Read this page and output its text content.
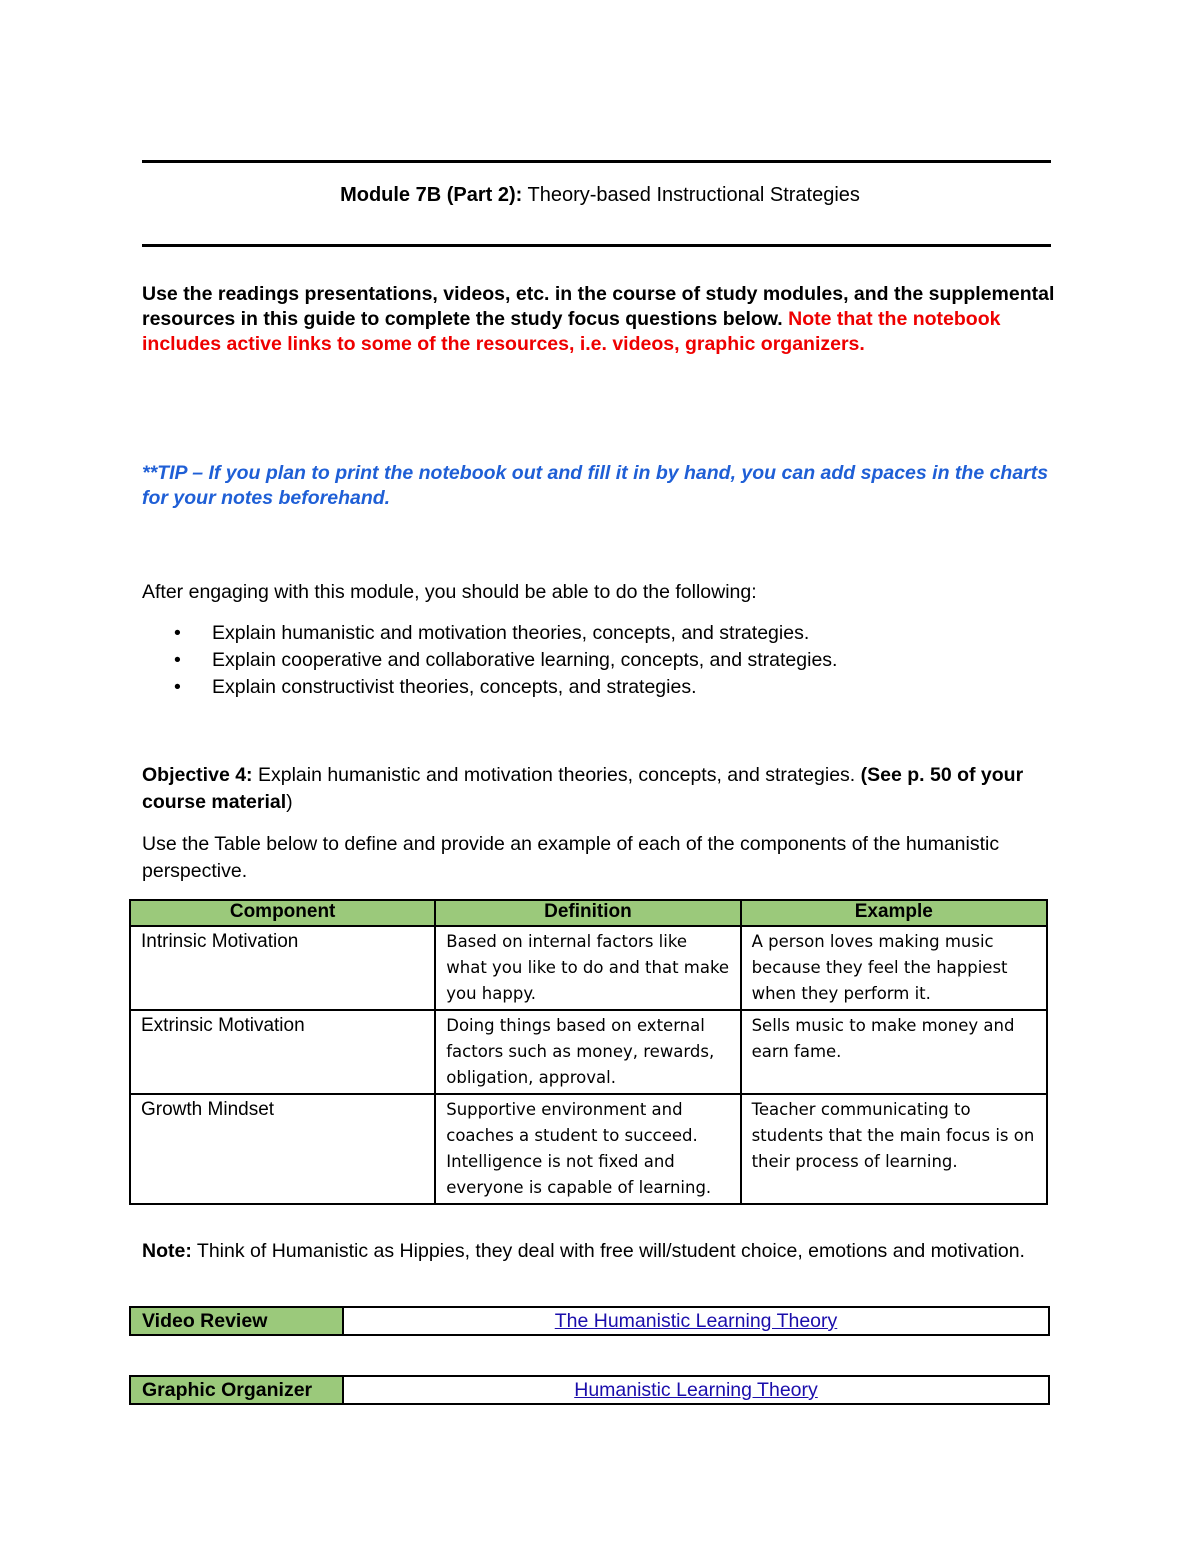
Module 7B (Part 2): Theory-based Instructional Strategies
Use the readings presentations, videos, etc. in the course of study modules, and the supplemental resources in this guide to complete the study focus questions below. Note that the notebook includes active links to some of the resources, i.e. videos, graphic organizers.
**TIP – If you plan to print the notebook out and fill it in by hand, you can add spaces in the charts for your notes beforehand.
After engaging with this module, you should be able to do the following:
• Explain humanistic and motivation theories, concepts, and strategies.
• Explain cooperative and collaborative learning, concepts, and strategies.
• Explain constructivist theories, concepts, and strategies.
Objective 4: Explain humanistic and motivation theories, concepts, and strategies. (See p. 50 of your course material)
Use the Table below to define and provide an example of each of the components of the humanistic perspective.
Component	Definition	Example
Intrinsic Motivation	Based on internal factors like what you like to do and that make you happy.	A person loves making music because they feel the happiest when they perform it.
Extrinsic Motivation	Doing things based on external factors such as money, rewards, obligation, approval.	Sells music to make money and earn fame.
Growth Mindset	Supportive environment and coaches a student to succeed. Intelligence is not fixed and everyone is capable of learning.	Teacher communicating to students that the main focus is on their process of learning.
Note: Think of Humanistic as Hippies, they deal with free will/student choice, emotions and motivation.
Video Review	The Humanistic Learning Theory
Graphic Organizer	Humanistic Learning Theory
